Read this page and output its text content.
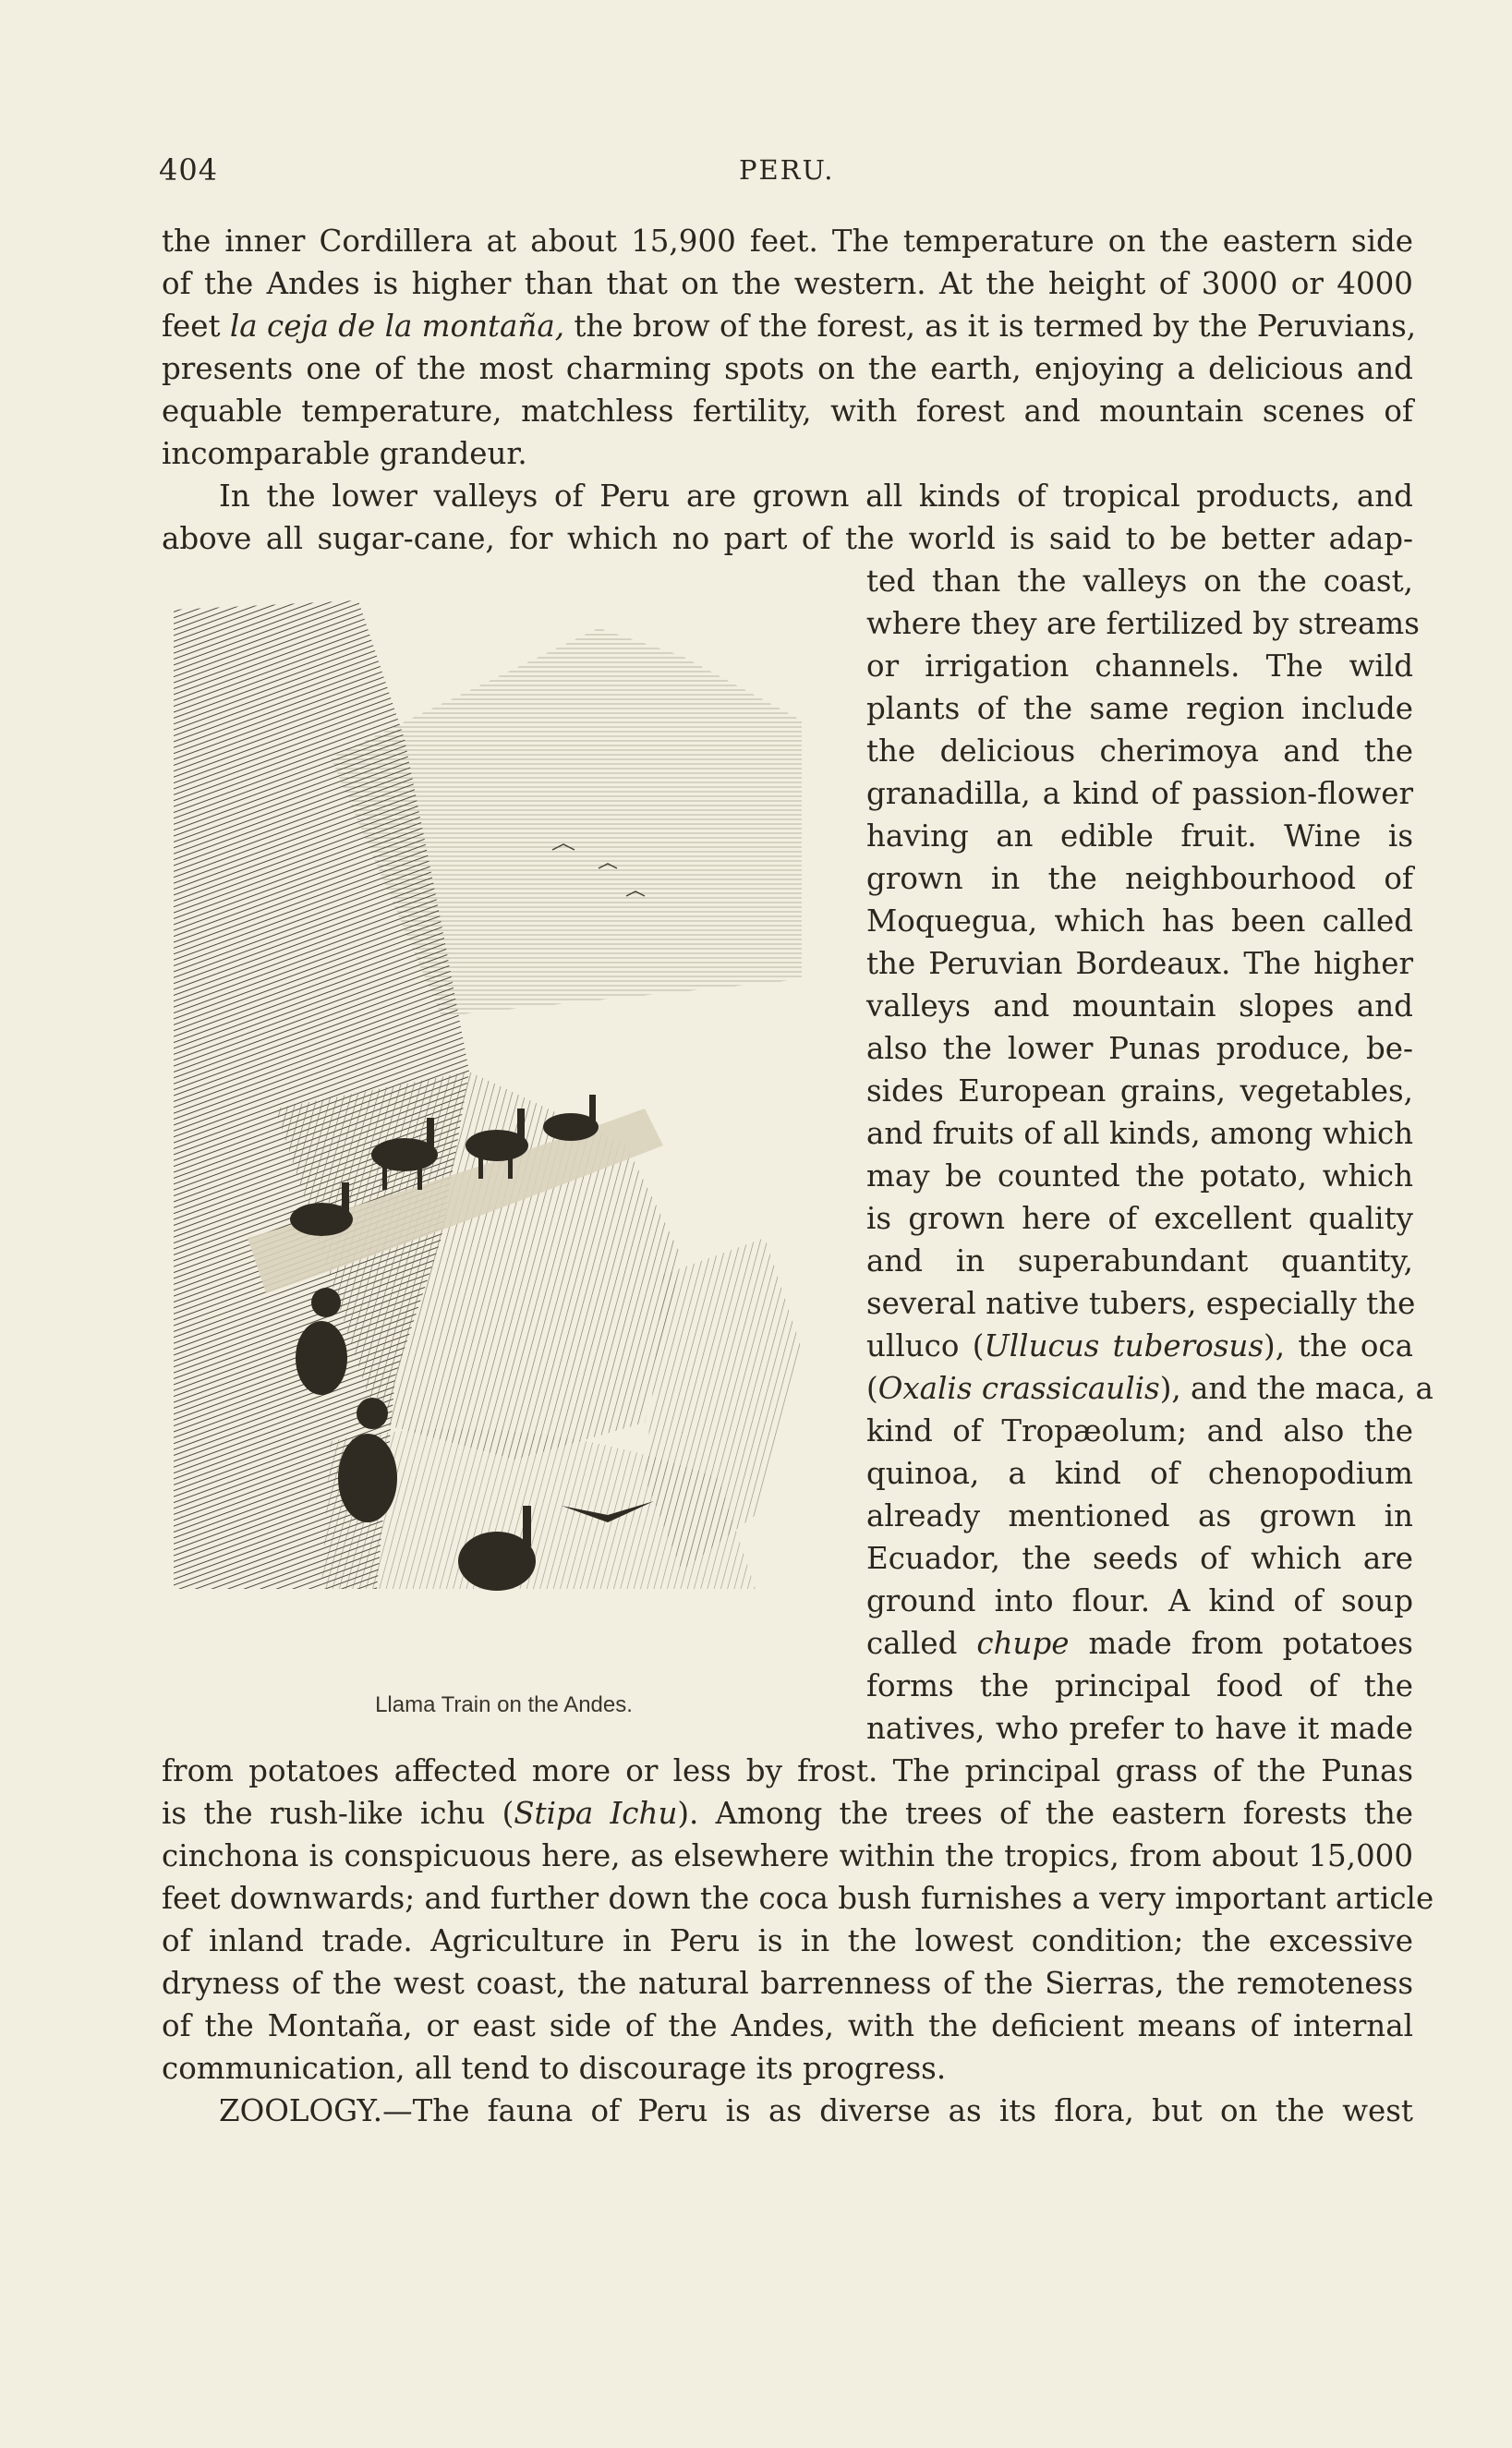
404	PERU.
the inner Cordillera at about 15,900 feet. The temperature on the eastern side
of the Andes is higher than that on the western. At the height of 3000 or 4000
feet la ceja de la montaña, the brow of the forest, as it is termed by the Peruvians,
presents one of the most charming spots on the earth, enjoying a delicious and
equable temperature, matchless fertility, with forest and mountain scenes of
incomparable grandeur.
In the lower valleys of Peru are grown all kinds of tropical products, and
above all sugar-cane, for which no part of the world is said to be better adap-
Llama Train on the Andes.
ted than the valleys on the coast,
where they are fertilized by streams
or irrigation channels. The wild
plants of the same region include
the delicious cherimoya and the
granadilla, a kind of passion-flower
having an edible fruit. Wine is
grown in the neighbourhood of
Moquegua, which has been called
the Peruvian Bordeaux. The higher
valleys and mountain slopes and
also the lower Punas produce, be-
sides European grains, vegetables,
and fruits of all kinds, among which
may be counted the potato, which
is grown here of excellent quality
and in superabundant quantity,
several native tubers, especially the
ulluco (Ullucus tuberosus), the oca
(Oxalis crassicaulis), and the maca, a
kind of Tropæolum; and also the
quinoa, a kind of chenopodium
already mentioned as grown in
Ecuador, the seeds of which are
ground into flour. A kind of soup
called chupe made from potatoes
forms the principal food of the
natives, who prefer to have it made
from potatoes affected more or less by frost. The principal grass of the Punas
is the rush-like ichu (Stipa Ichu). Among the trees of the eastern forests the
cinchona is conspicuous here, as elsewhere within the tropics, from about 15,000
feet downwards; and further down the coca bush furnishes a very important article
of inland trade. Agriculture in Peru is in the lowest condition; the excessive
dryness of the west coast, the natural barrenness of the Sierras, the remoteness
of the Montaña, or east side of the Andes, with the deficient means of internal
communication, all tend to discourage its progress.
ZOOLOGY.—The fauna of Peru is as diverse as its flora, but on the west
